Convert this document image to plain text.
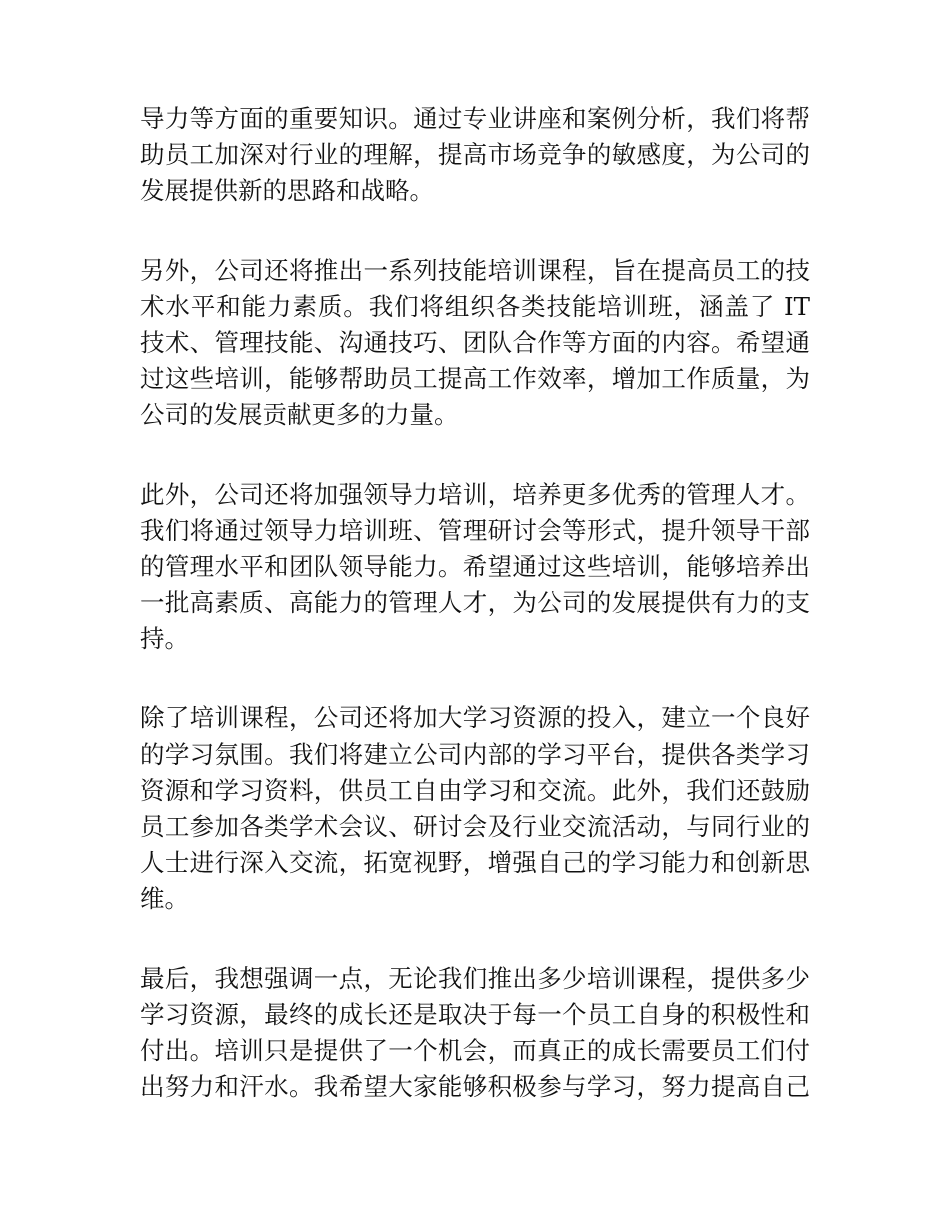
导力等方面的重要知识。通过专业讲座和案例分析，我们将帮
助员工加深对行业的理解，提高市场竞争的敏感度，为公司的
发展提供新的思路和战略。
另外，公司还将推出一系列技能培训课程，旨在提高员工的技
术水平和能力素质。我们将组织各类技能培训班，涵盖了 IT
技术、管理技能、沟通技巧、团队合作等方面的内容。希望通
过这些培训，能够帮助员工提高工作效率，增加工作质量，为
公司的发展贡献更多的力量。
此外，公司还将加强领导力培训，培养更多优秀的管理人才。
我们将通过领导力培训班、管理研讨会等形式，提升领导干部
的管理水平和团队领导能力。希望通过这些培训，能够培养出
一批高素质、高能力的管理人才，为公司的发展提供有力的支
持。
除了培训课程，公司还将加大学习资源的投入，建立一个良好
的学习氛围。我们将建立公司内部的学习平台，提供各类学习
资源和学习资料，供员工自由学习和交流。此外，我们还鼓励
员工参加各类学术会议、研讨会及行业交流活动，与同行业的
人士进行深入交流，拓宽视野，增强自己的学习能力和创新思
维。
最后，我想强调一点，无论我们推出多少培训课程，提供多少
学习资源，最终的成长还是取决于每一个员工自身的积极性和
付出。培训只是提供了一个机会，而真正的成长需要员工们付
出努力和汗水。我希望大家能够积极参与学习，努力提高自己
